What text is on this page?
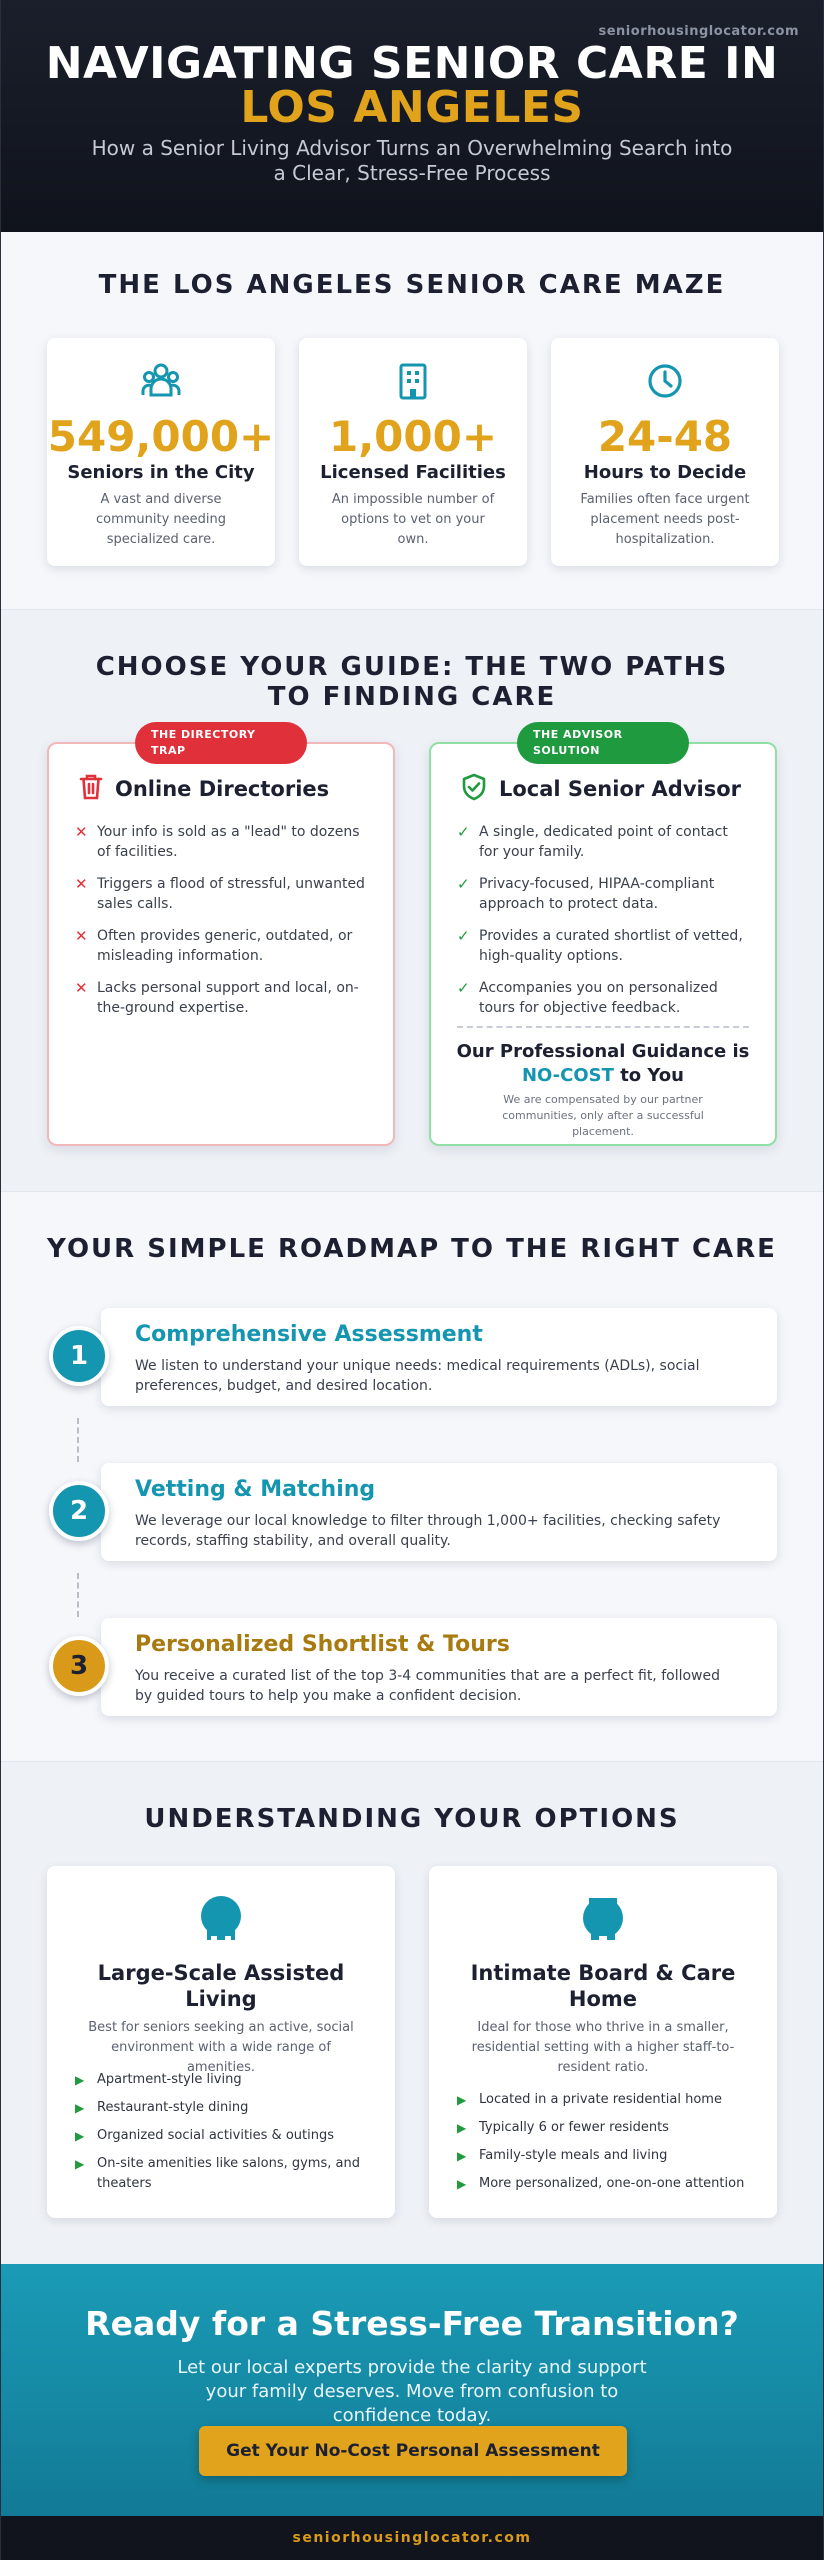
seniorhousinglocator.com
NAVIGATING SENIOR CARE IN
LOS ANGELES
How a Senior Living Advisor Turns an Overwhelming Search into a Clear, Stress-Free Process
THE LOS ANGELES SENIOR CARE MAZE
549,000+
Seniors in the City
A vast and diverse community needing specialized care.
1,000+
Licensed Facilities
An impossible number of options to vet on your own.
24-48
Hours to Decide
Families often face urgent placement needs post-hospitalization.
CHOOSE YOUR GUIDE: THE TWO PATHS TO FINDING CARE
THE DIRECTORY
TRAP
Online Directories
✕ Your info is sold as a "lead" to dozens of facilities.
✕ Triggers a flood of stressful, unwanted sales calls.
✕ Often provides generic, outdated, or misleading information.
✕ Lacks personal support and local, on-the-ground expertise.
THE ADVISOR
SOLUTION
Local Senior Advisor
✓ A single, dedicated point of contact for your family.
✓ Privacy-focused, HIPAA-compliant approach to protect data.
✓ Provides a curated shortlist of vetted, high-quality options.
✓ Accompanies you on personalized tours for objective feedback.
Our Professional Guidance is
NO-COST to You
We are compensated by our partner communities, only after a successful placement.
YOUR SIMPLE ROADMAP TO THE RIGHT CARE
Comprehensive Assessment
We listen to understand your unique needs: medical requirements (ADLs), social preferences, budget, and desired location.
1
Vetting & Matching
We leverage our local knowledge to filter through 1,000+ facilities, checking safety records, staffing stability, and overall quality.
2
Personalized Shortlist & Tours
You receive a curated list of the top 3-4 communities that are a perfect fit, followed by guided tours to help you make a confident decision.
3
UNDERSTANDING YOUR OPTIONS
Large-Scale Assisted Living
Best for seniors seeking an active, social environment with a wide range of amenities.
▶ Apartment-style living
▶ Restaurant-style dining
▶ Organized social activities & outings
▶ On-site amenities like salons, gyms, and theaters
Intimate Board & Care Home
Ideal for those who thrive in a smaller, residential setting with a higher staff-to-resident ratio.
▶ Located in a private residential home
▶ Typically 6 or fewer residents
▶ Family-style meals and living
▶ More personalized, one-on-one attention
Ready for a Stress-Free Transition?

Let our local experts provide the clarity and support your family deserves. Move from confusion to confidence today.

Get Your No-Cost Personal Assessment
seniorhousinglocator.com
